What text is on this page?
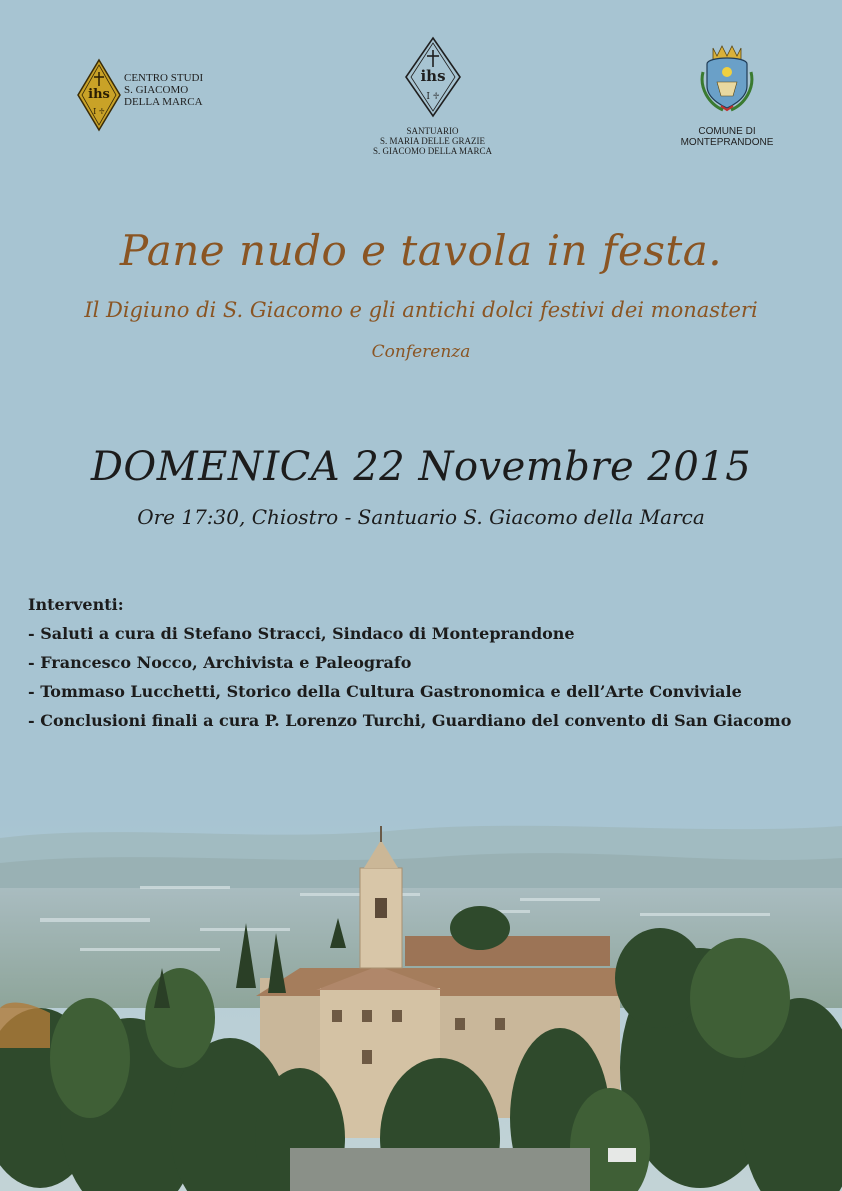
ihs
I ♱
CENTRO STUDI
S. GIACOMO
DELLA MARCA
ihs
I ♱
SANTUARIO
S. MARIA DELLE GRAZIE
S. GIACOMO DELLA MARCA
COMUNE DI
MONTEPRANDONE
Pane nudo e tavola in festa.
Il Digiuno di S. Giacomo e gli antichi dolci festivi dei monasteri
Conferenza
DOMENICA 22 Novembre 2015
Ore 17:30, Chiostro - Santuario S. Giacomo della Marca
Interventi:
- Saluti a cura di Stefano Stracci, Sindaco di Monteprandone
- Francesco Nocco, Archivista e Paleografo
- Tommaso Lucchetti, Storico della Cultura Gastronomica e dell’Arte Conviviale
- Conclusioni finali a cura P. Lorenzo Turchi, Guardiano del convento di San Giacomo
